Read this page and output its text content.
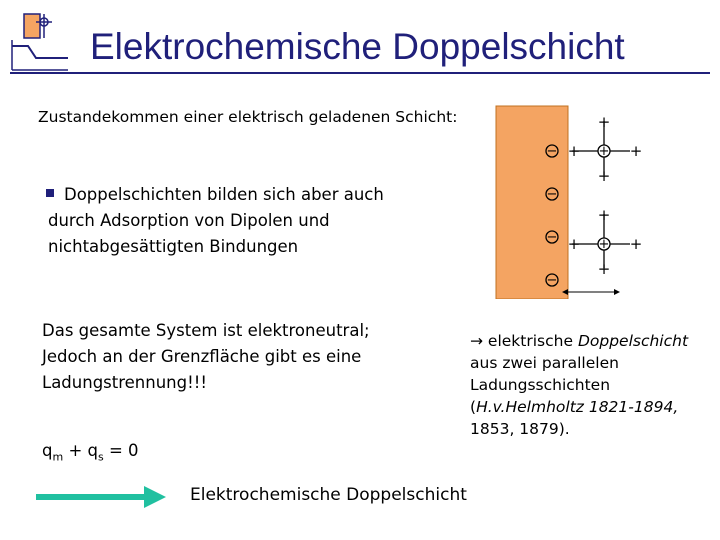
Elektrochemische Doppelschicht
Zustandekommen einer elektrisch geladenen Schicht:
Doppelschichten bilden sich aber auch
durch Adsorption von Dipolen und
nichtabgesättigten Bindungen
Das gesamte System ist elektroneutral;
Jedoch an der Grenzfläche gibt es eine
Ladungstrennung!!!
$q_m + q_s = 0$
→ elektrische Doppelschicht
aus zwei parallelen
Ladungsschichten
(H.v.Helmholtz 1821-1894,
1853, 1879).
Elektrochemische Doppelschicht
−
−
−
−
+
+
+
+	+
+
+
+
+	+
